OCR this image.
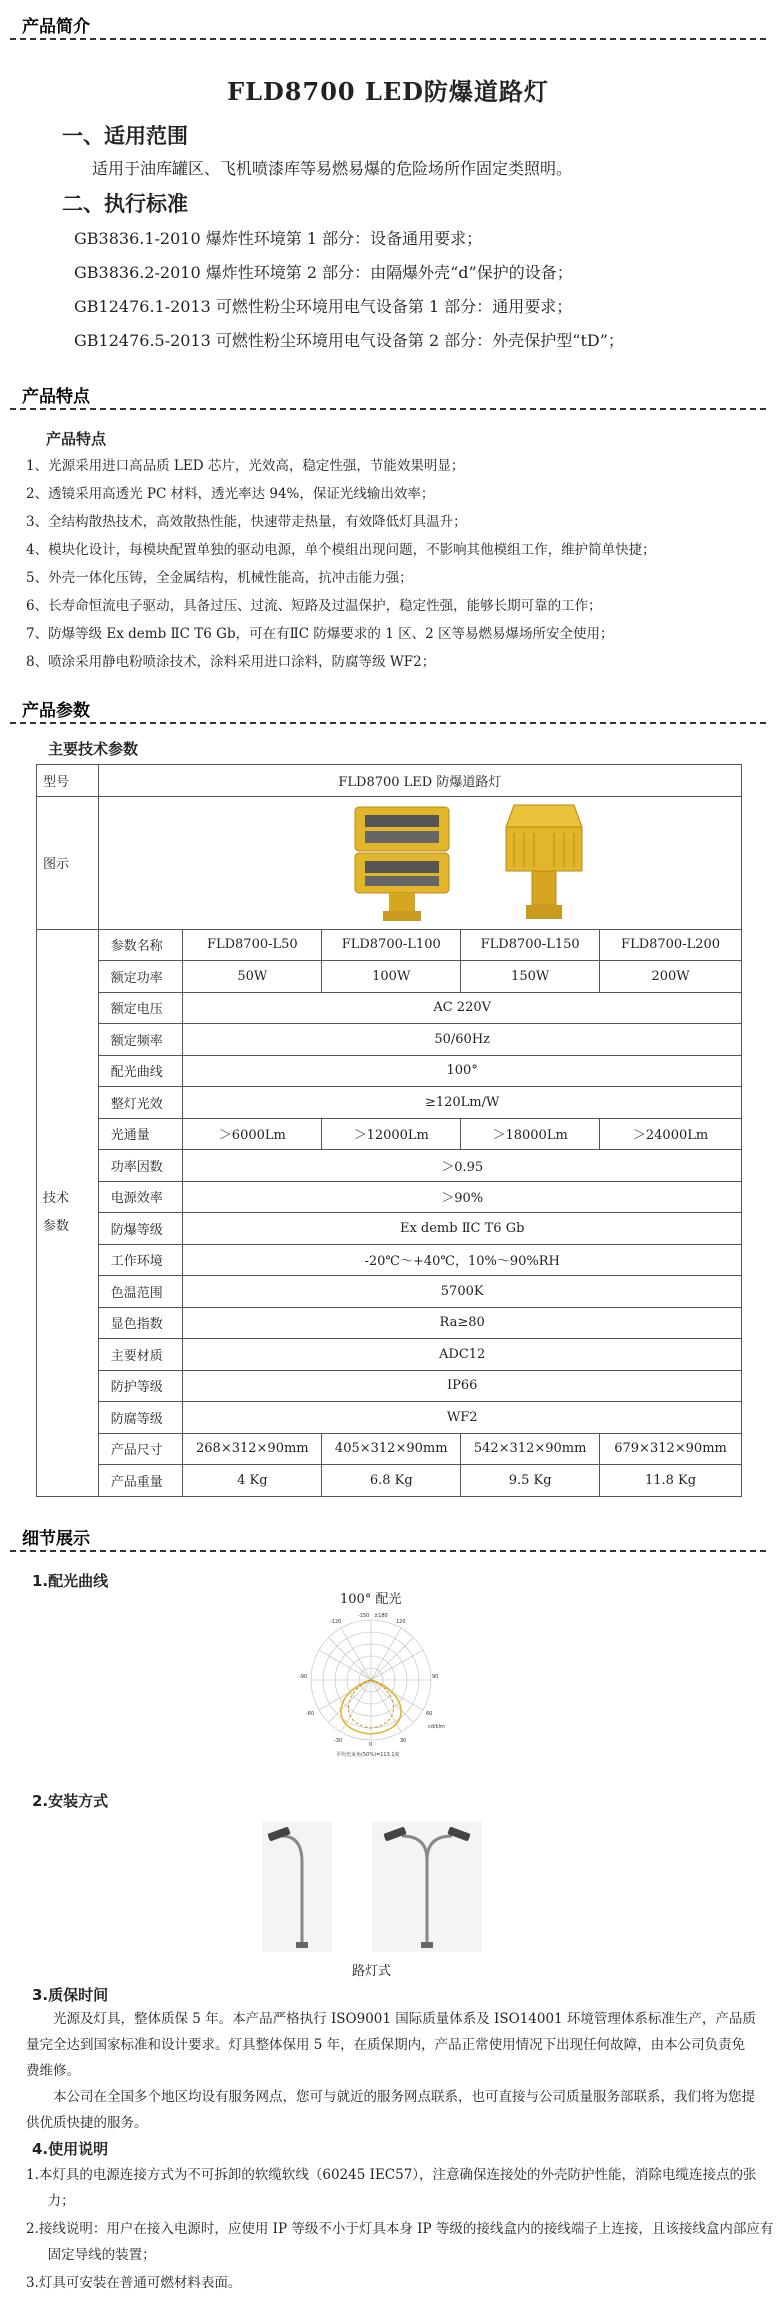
产品简介
FLD8700 LED防爆道路灯
一、适用范围
适用于油库罐区、飞机喷漆库等易燃易爆的危险场所作固定类照明。
二、执行标准
GB3836.1-2010 爆炸性环境第 1 部分：设备通用要求；
GB3836.2-2010 爆炸性环境第 2 部分：由隔爆外壳“d”保护的设备；
GB12476.1-2013 可燃性粉尘环境用电气设备第 1 部分：通用要求；
GB12476.5-2013 可燃性粉尘环境用电气设备第 2 部分：外壳保护型“tD”；
产品特点
产品特点
1、光源采用进口高品质 LED 芯片，光效高，稳定性强，节能效果明显；
2、透镜采用高透光 PC 材料，透光率达 94%，保证光线输出效率；
3、全结构散热技术，高效散热性能，快速带走热量，有效降低灯具温升；
4、模块化设计，每模块配置单独的驱动电源，单个模组出现问题，不影响其他模组工作，维护简单快捷；
5、外壳一体化压铸，全金属结构，机械性能高，抗冲击能力强；
6、长寿命恒流电子驱动，具备过压、过流、短路及过温保护，稳定性强，能够长期可靠的工作；
7、防爆等级 Ex demb ⅡC T6 Gb，可在有ⅡC 防爆要求的 1 区、2 区等易燃易爆场所安全使用；
8、喷涂采用静电粉喷涂技术，涂料采用进口涂料，防腐等级 WF2；
产品参数
主要技术参数
型号	FLD8700 LED 防爆道路灯				
图示	

技术
参数	参数名称	FLD8700-L50	FLD8700-L100	FLD8700-L150	FLD8700-L200
	额定功率	50W	100W	150W	200W
	额定电压	AC 220V			
	额定频率	50/60Hz			
	配光曲线	100°			
	整灯光效	≥120Lm/W			
	光通量	＞6000Lm	＞12000Lm	＞18000Lm	＞24000Lm
	功率因数	＞0.95			
	电源效率	＞90%			
	防爆等级	Ex demb ⅡC T6 Gb			
	工作环境	-20℃～+40℃，10%～90%RH			
	色温范围	5700K			
	显色指数	Ra≥80			
	主要材质	ADC12			
	防护等级	IP66			
	防腐等级	WF2			
	产品尺寸	268×312×90mm	405×312×90mm	542×312×90mm	679×312×90mm
	产品重量	4 Kg	6.8 Kg	9.5 Kg	11.8 Kg
细节展示
1.配光曲线
100° 配光
-120
-150 ±180
120
-90	90
-60	60
-30
0
30
cd/klm
平均光束角(50%)=113.1度
2.安装方式
路灯式
3.质保时间
光源及灯具，整体质保 5 年。本产品严格执行 ISO9001 国际质量体系及 ISO14001 环境管理体系标准生产，产品质量完全达到国家标准和设计要求。灯具整体保用 5 年，在质保期内，产品正常使用情况下出现任何故障，由本公司负责免费维修。
本公司在全国多个地区均设有服务网点，您可与就近的服务网点联系，也可直接与公司质量服务部联系，我们将为您提供优质快捷的服务。
4.使用说明
1.本灯具的电源连接方式为不可拆卸的软缆软线（60245 IEC57），注意确保连接处的外壳防护性能，消除电缆连接点的张力；
2.接线说明：用户在接入电源时，应使用 IP 等级不小于灯具本身 IP 等级的接线盒内的接线端子上连接，且该接线盒内部应有固定导线的装置；
3.灯具可安装在普通可燃材料表面。
